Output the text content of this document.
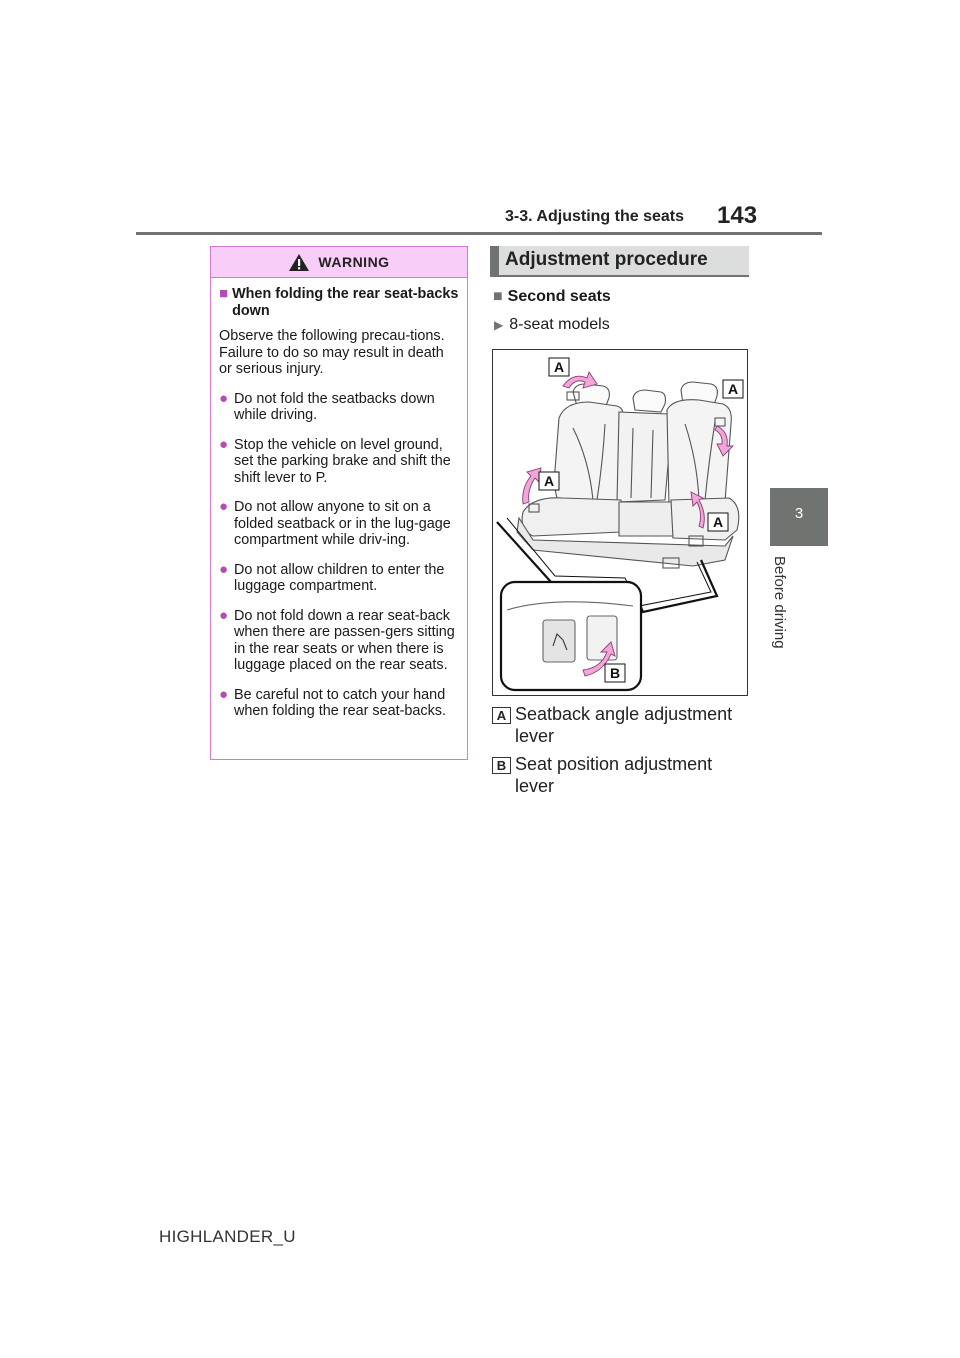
3-3. Adjusting the seats 143
3
Before driving
WARNING
■ When folding the rear seat-backs down
Observe the following precau-tions. Failure to do so may result in death or serious injury.
● Do not fold the seatbacks down while driving.
● Stop the vehicle on level ground, set the parking brake and shift the shift lever to P.
● Do not allow anyone to sit on a folded seatback or in the lug-gage compartment while driv-ing.
● Do not allow children to enter the luggage compartment.
● Do not fold down a rear seat-back when there are passen-gers sitting in the rear seats or when there is luggage placed on the rear seats.
● Be careful not to catch your hand when folding the rear seat-backs.
Adjustment procedure
■ Second seats
▶ 8-seat models
A
A
A
A
B
A Seatback angle adjustment lever
B Seat position adjustment lever
HIGHLANDER_U
